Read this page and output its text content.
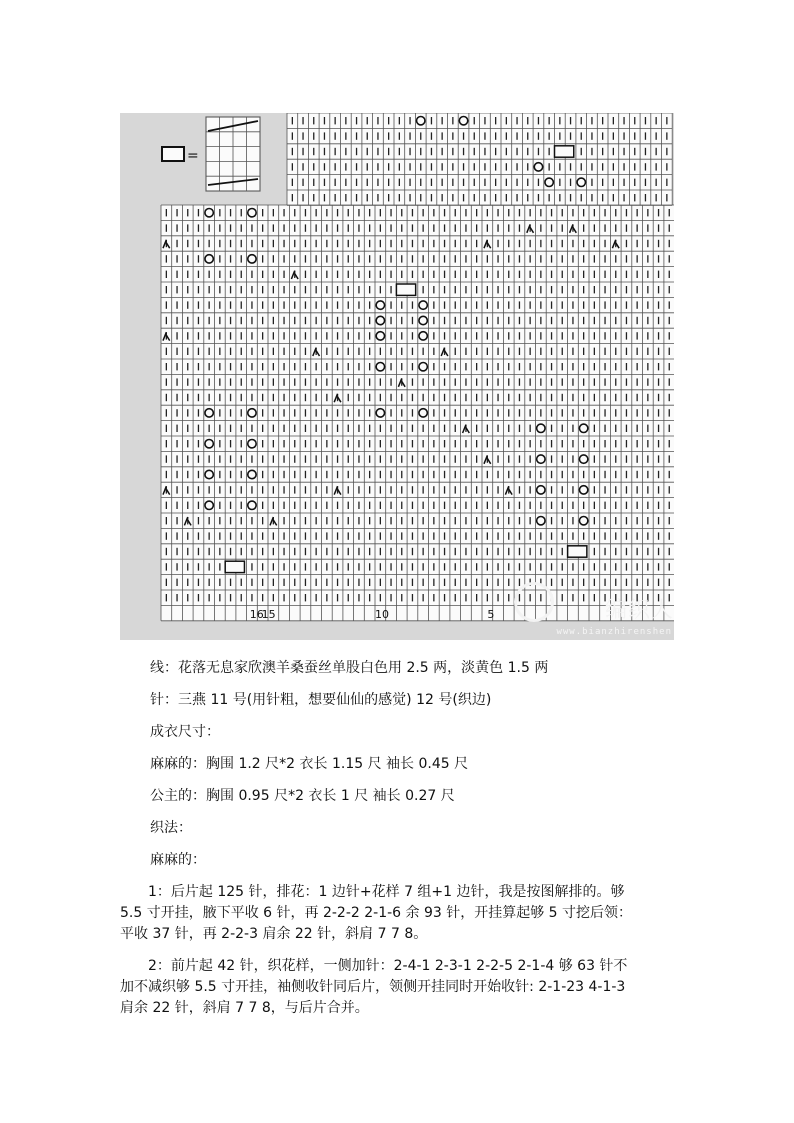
=
16
15	10	5	编织人
www.bianzhirenshen
线：花落无息家欣澳羊桑蚕丝单股白色用 2.5 两，淡黄色 1.5 两
针：三燕 11 号(用针粗，想要仙仙的感觉) 12 号(织边)
成衣尺寸：
麻麻的：胸围 1.2 尺*2 衣长 1.15 尺 袖长 0.45 尺
公主的：胸围 0.95 尺*2 衣长 1 尺 袖长 0.27 尺
织法：
麻麻的：
　　1：后片起 125 针，排花：1 边针+花样 7 组+1 边针，我是按图解排的。够
5.5 寸开挂，腋下平收 6 针，再 2-2-2 2-1-6 余 93 针，开挂算起够 5 寸挖后领：
平收 37 针，再 2-2-3 肩余 22 针，斜肩 7 7 8。
　　2：前片起 42 针，织花样，一侧加针：2-4-1 2-3-1 2-2-5 2-1-4 够 63 针不
加不减织够 5.5 寸开挂，袖侧收针同后片，领侧开挂同时开始收针: 2-1-23 4-1-3
肩余 22 针，斜肩 7 7 8，与后片合并。
